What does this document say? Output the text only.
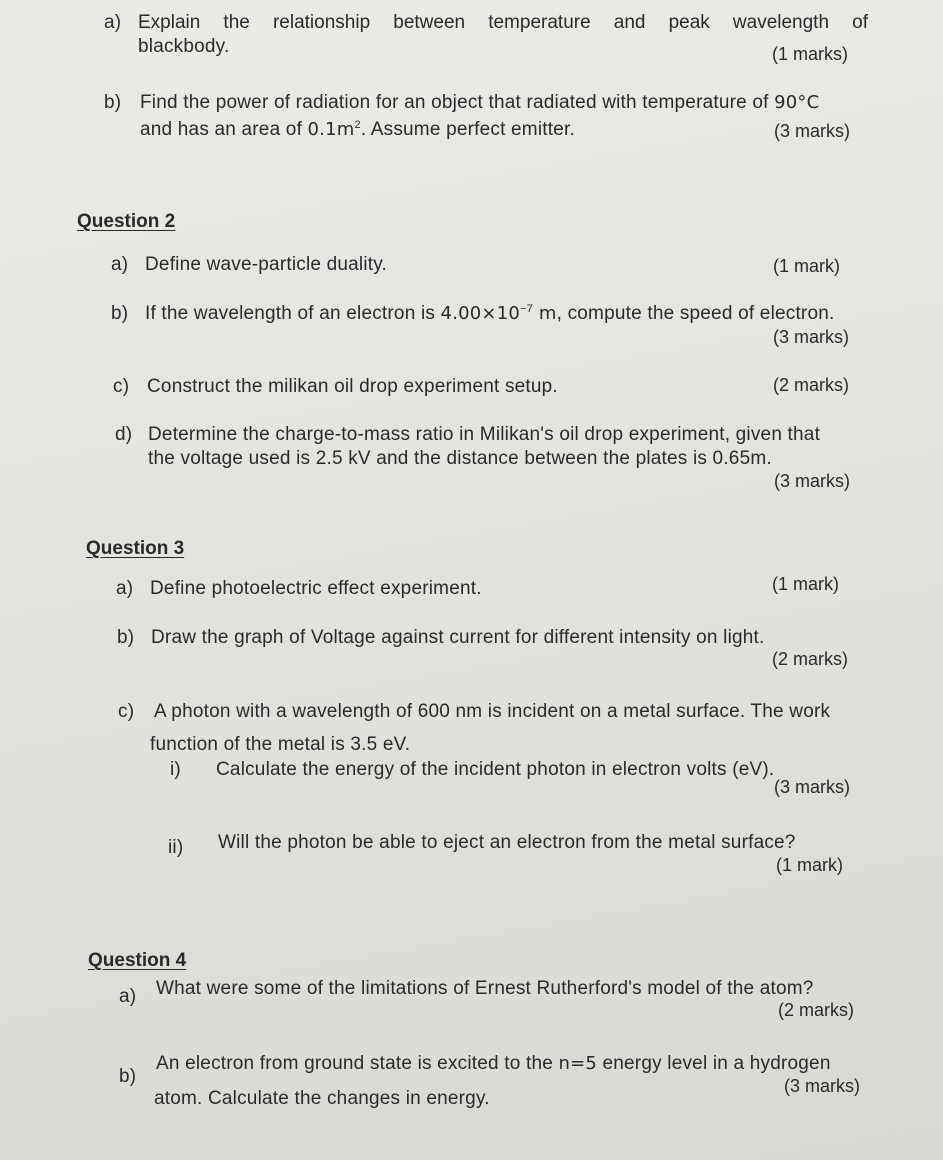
a) Explain the relationship between temperature and peak wavelength of
blackbody.	(1 marks)
b) Find the power of radiation for an object that radiated with temperature of 90°C
and has an area of $0.1m^2$. Assume perfect emitter.	(3 marks)
Question 2
a) Define wave-particle duality.	(1 mark)
b) If the wavelength of an electron is $4.00\times 10^{-7}$ m, compute the speed of electron.
(3 marks)
c) Construct the milikan oil drop experiment setup.	(2 marks)
d) Determine the charge-to-mass ratio in Milikan's oil drop experiment, given that
the voltage used is 2.5 kV and the distance between the plates is 0.65m.
(3 marks)
Question 3
a) Define photoelectric effect experiment.	(1 mark)
b) Draw the graph of Voltage against current for different intensity on light.
(2 marks)
c) A photon with a wavelength of 600 nm is incident on a metal surface. The work
function of the metal is 3.5 eV.
i) Calculate the energy of the incident photon in electron volts (eV).
(3 marks)
ii) Will the photon be able to eject an electron from the metal surface?
(1 mark)
Question 4
a) What were some of the limitations of Ernest Rutherford's model of the atom?
(2 marks)
b)
An electron from ground state is excited to the n=5 energy level in a hydrogen
atom. Calculate the changes in energy.
(3 marks)
